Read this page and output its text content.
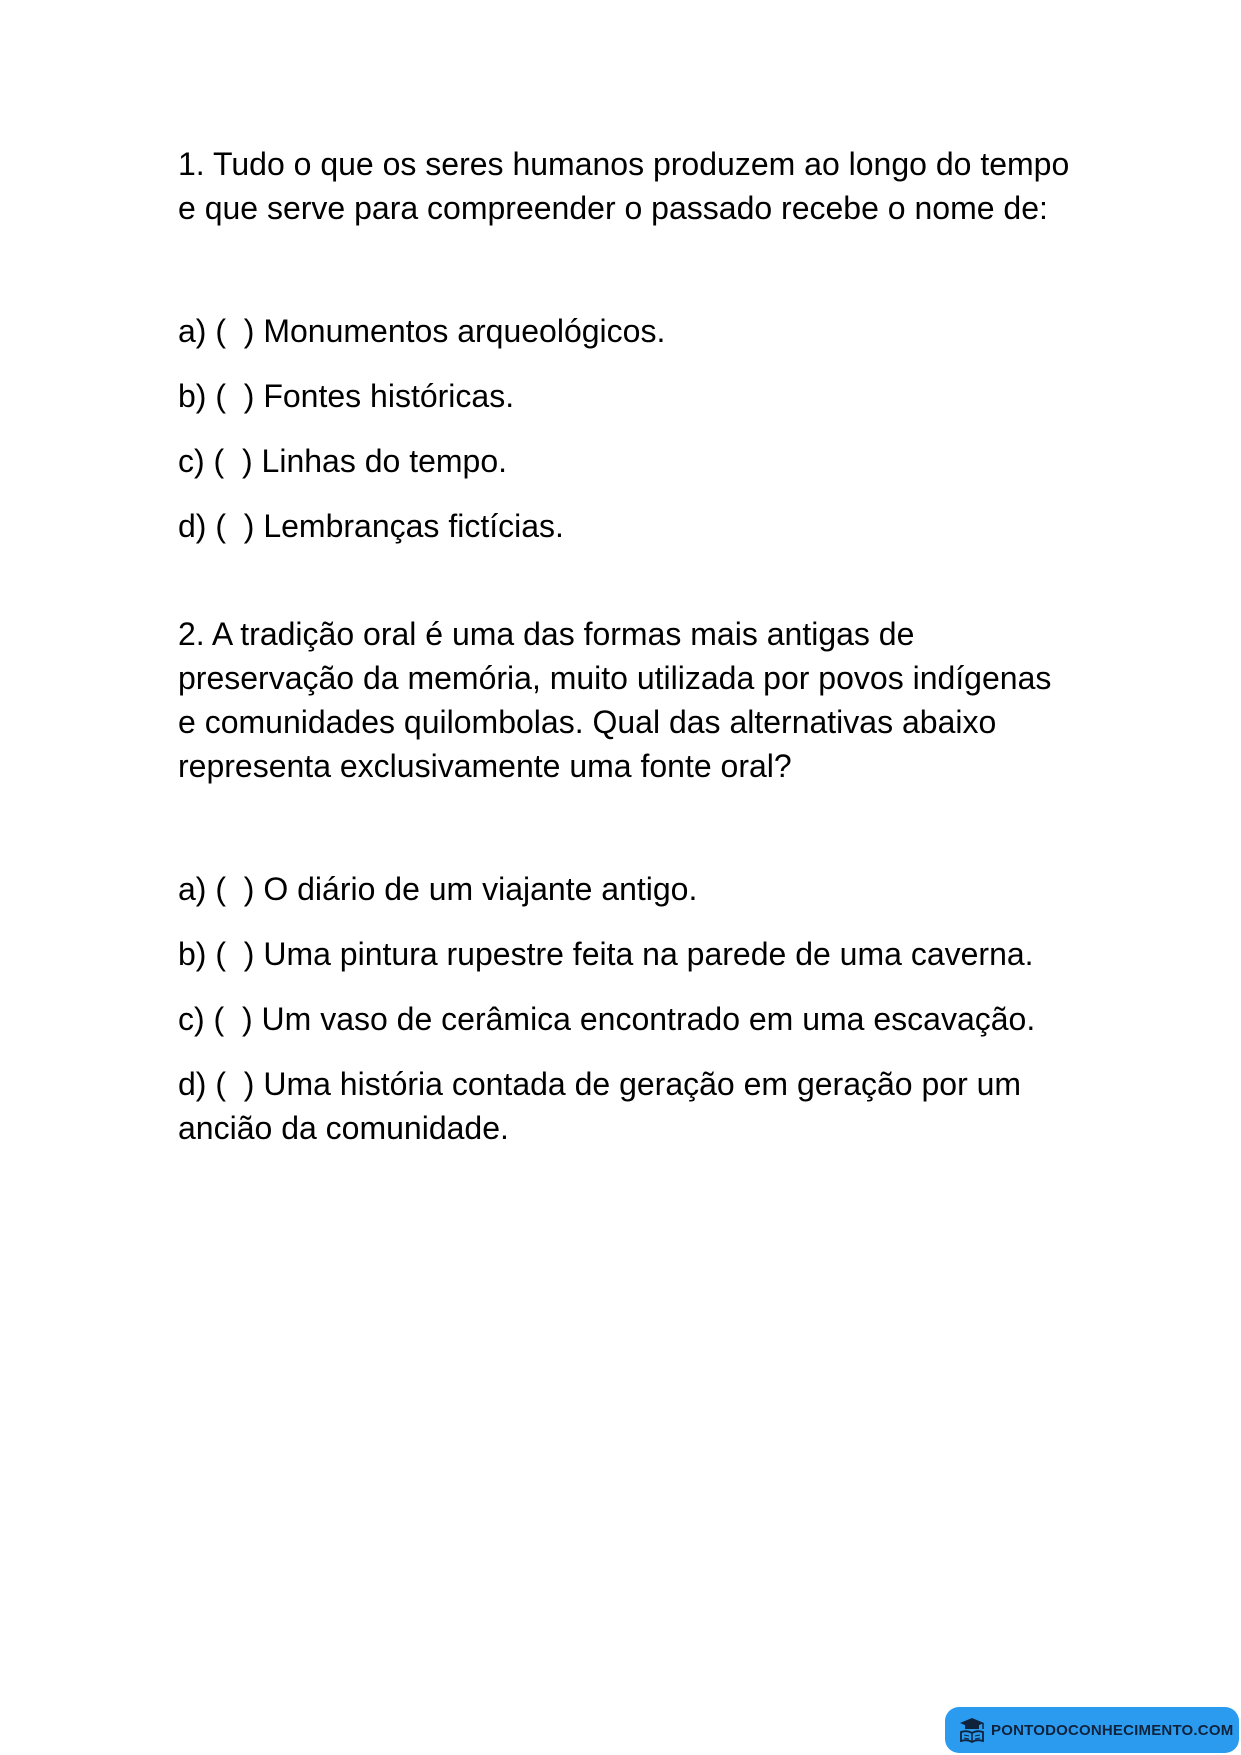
1. Tudo o que os seres humanos produzem ao longo do tempo e que serve para compreender o passado recebe o nome de:

a) (  ) Monumentos arqueológicos.
b) (  ) Fontes históricas.
c) (  ) Linhas do tempo.
d) (  ) Lembranças fictícias.

2. A tradição oral é uma das formas mais antigas de preservação da memória, muito utilizada por povos indígenas e comunidades quilombolas. Qual das alternativas abaixo representa exclusivamente uma fonte oral?

a) (  ) O diário de um viajante antigo.
b) (  ) Uma pintura rupestre feita na parede de uma caverna.
c) (  ) Um vaso de cerâmica encontrado em uma escavação.
d) (  ) Uma história contada de geração em geração por um ancião da comunidade.
PONTODOCONHECIMENTO.COM
